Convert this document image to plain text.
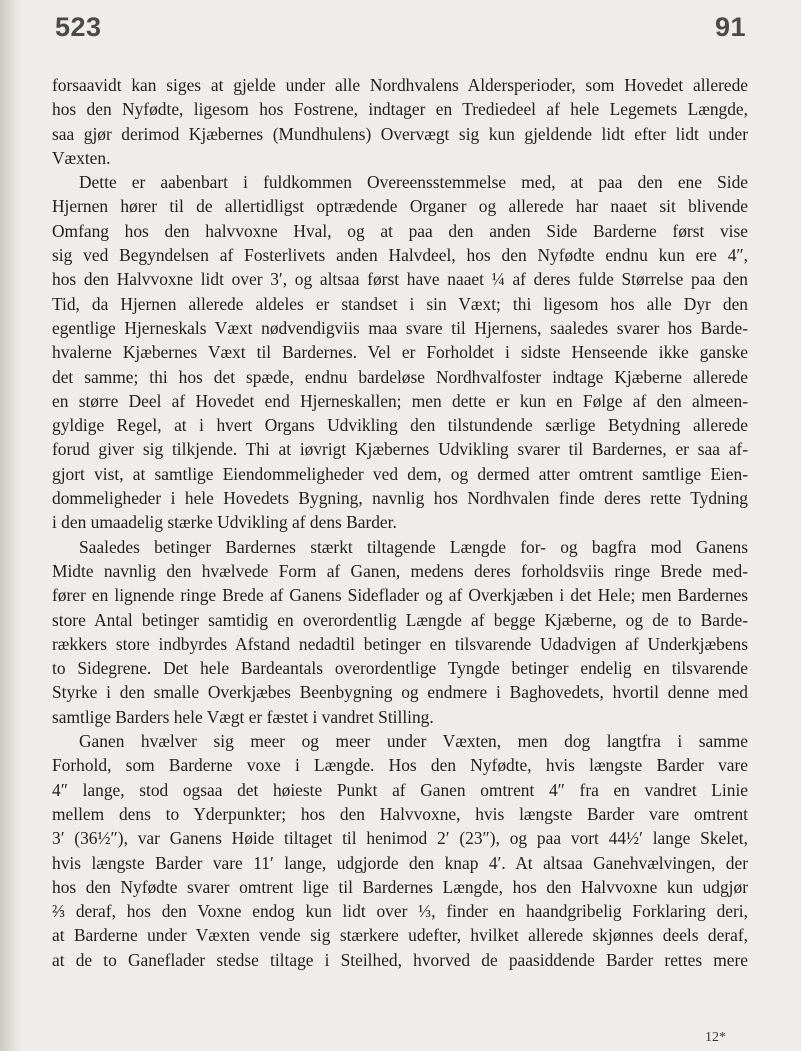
523	91
forsaavidt kan siges at gjelde under alle Nordhvalens Aldersperioder, som Hovedet allerede
hos den Nyfødte, ligesom hos Fostrene, indtager en Trediedeel af hele Legemets Længde,
saa gjør derimod Kjæbernes (Mundhulens) Overvægt sig kun gjeldende lidt efter lidt under
Væxten.
Dette er aabenbart i fuldkommen Overeensstemmelse med, at paa den ene Side
Hjernen hører til de allertidligst optrædende Organer og allerede har naaet sit blivende
Omfang hos den halvvoxne Hval, og at paa den anden Side Barderne først vise
sig ved Begyndelsen af Fosterlivets anden Halvdeel, hos den Nyfødte endnu kun ere 4″,
hos den Halvvoxne lidt over 3′, og altsaa først have naaet ¼ af deres fulde Størrelse paa den
Tid, da Hjernen allerede aldeles er standset i sin Væxt; thi ligesom hos alle Dyr den
egentlige Hjerneskals Væxt nødvendigviis maa svare til Hjernens, saaledes svarer hos Barde-
hvalerne Kjæbernes Væxt til Bardernes. Vel er Forholdet i sidste Henseende ikke ganske
det samme; thi hos det spæde, endnu bardeløse Nordhvalfoster indtage Kjæberne allerede
en større Deel af Hovedet end Hjerneskallen; men dette er kun en Følge af den almeen-
gyldige Regel, at i hvert Organs Udvikling den tilstundende særlige Betydning allerede
forud giver sig tilkjende. Thi at iøvrigt Kjæbernes Udvikling svarer til Bardernes, er saa af-
gjort vist, at samtlige Eiendommeligheder ved dem, og dermed atter omtrent samtlige Eien-
dommeligheder i hele Hovedets Bygning, navnlig hos Nordhvalen finde deres rette Tydning
i den umaadelig stærke Udvikling af dens Barder.
Saaledes betinger Bardernes stærkt tiltagende Længde for- og bagfra mod Ganens
Midte navnlig den hvælvede Form af Ganen, medens deres forholdsviis ringe Brede med-
fører en lignende ringe Brede af Ganens Sideflader og af Overkjæben i det Hele; men Bardernes
store Antal betinger samtidig en overordentlig Længde af begge Kjæberne, og de to Barde-
rækkers store indbyrdes Afstand nedadtil betinger en tilsvarende Udadvigen af Underkjæbens
to Sidegrene. Det hele Bardeantals overordentlige Tyngde betinger endelig en tilsvarende
Styrke i den smalle Overkjæbes Beenbygning og endmere i Baghovedets, hvortil denne med
samtlige Barders hele Vægt er fæstet i vandret Stilling.
Ganen hvælver sig meer og meer under Væxten, men dog langtfra i samme
Forhold, som Barderne voxe i Længde. Hos den Nyfødte, hvis længste Barder vare
4″ lange, stod ogsaa det høieste Punkt af Ganen omtrent 4″ fra en vandret Linie
mellem dens to Yderpunkter; hos den Halvvoxne, hvis længste Barder vare omtrent
3′ (36½″), var Ganens Høide tiltaget til henimod 2′ (23″), og paa vort 44½′ lange Skelet,
hvis længste Barder vare 11′ lange, udgjorde den knap 4′. At altsaa Ganehvælvingen, der
hos den Nyfødte svarer omtrent lige til Bardernes Længde, hos den Halvvoxne kun udgjør
⅔ deraf, hos den Voxne endog kun lidt over ⅓, finder en haandgribelig Forklaring deri,
at Barderne under Væxten vende sig stærkere udefter, hvilket allerede skjønnes deels deraf,
at de to Ganeflader stedse tiltage i Steilhed, hvorved de paasiddende Barder rettes mere
12*
